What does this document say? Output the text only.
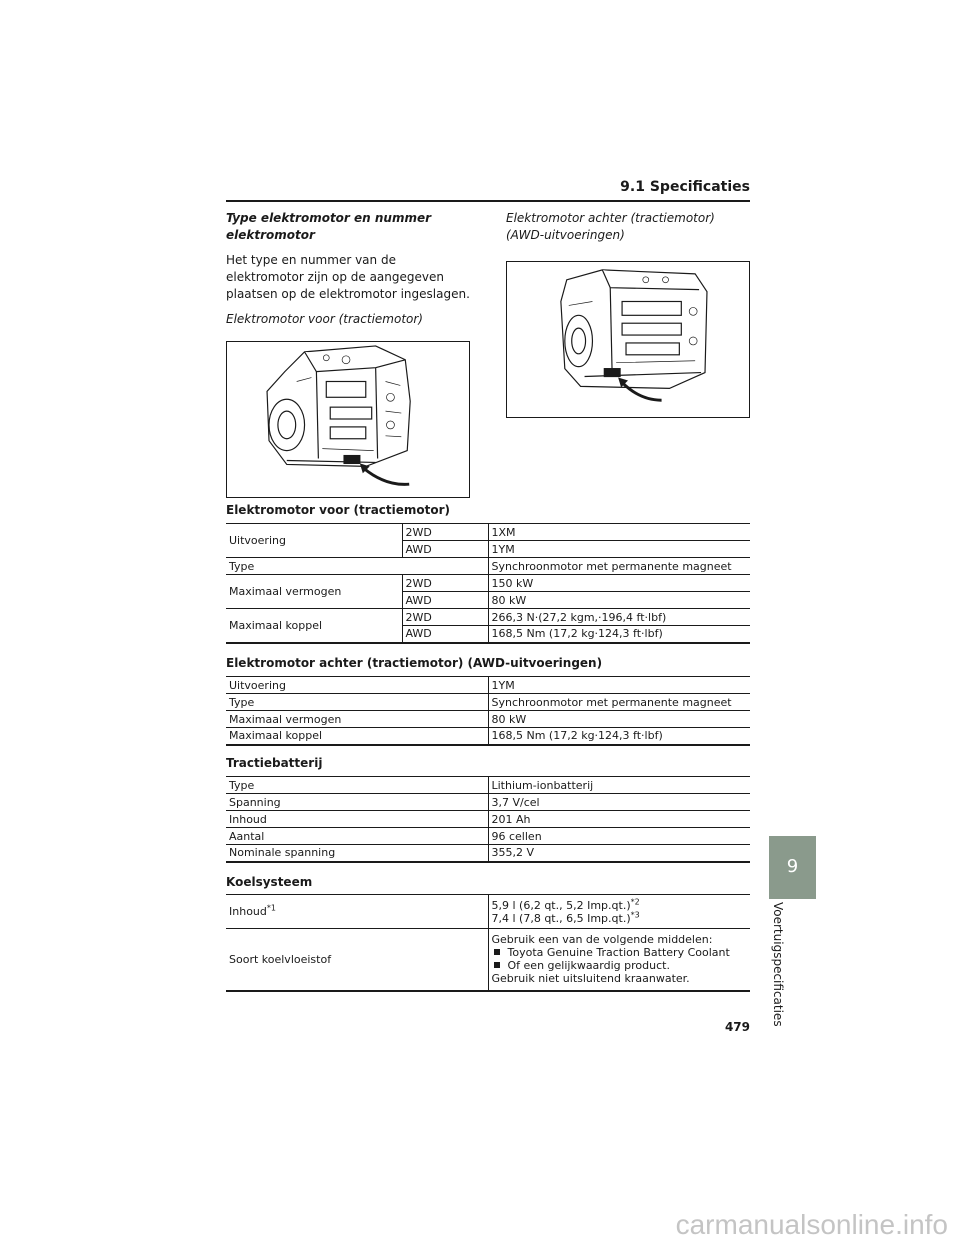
9.1 Specificaties
Type elektromotor en nummer elektromotor
Het type en nummer van de elektromotor zijn op de aangegeven plaatsen op de elektromotor ingeslagen.
Elektromotor voor (tractiemotor)
Elektromotor achter (tractiemotor) (AWD-uitvoeringen)
Elektromotor voor (tractiemotor)
Uitvoering	2WD	1XM
	AWD	1YM
Type		Synchroonmotor met permanente magneet
Maximaal vermogen	2WD	150 kW
	AWD	80 kW
Maximaal koppel	2WD	266,3 N·(27,2 kgm,·196,4 ft·lbf)
	AWD	168,5 Nm (17,2 kg·124,3 ft·lbf)
Elektromotor achter (tractiemotor) (AWD-uitvoeringen)
Uitvoering	1YM
Type	Synchroonmotor met permanente magneet
Maximaal vermogen	80 kW
Maximaal koppel	168,5 Nm (17,2 kg·124,3 ft·lbf)
Tractiebatterij
Type	Lithium-ionbatterij
Spanning	3,7 V/cel
Inhoud	201 Ah
Aantal	96 cellen
Nominale spanning	355,2 V
Koelsysteem
Inhoud$^{*1}$	5,9 l (6,2 qt., 5,2 Imp.qt.)$^{*2}$
7,4 l (7,8 qt., 6,5 Imp.qt.)$^{*3}$

Soort koelvloeistof	Gebruik een van de volgende middelen:
Toyota Genuine Traction Battery Coolant
Of een gelijkwaardig product.
Gebruik niet uitsluitend kraanwater.
9
Voertuigspecificaties
479
carmanualsonline.info
